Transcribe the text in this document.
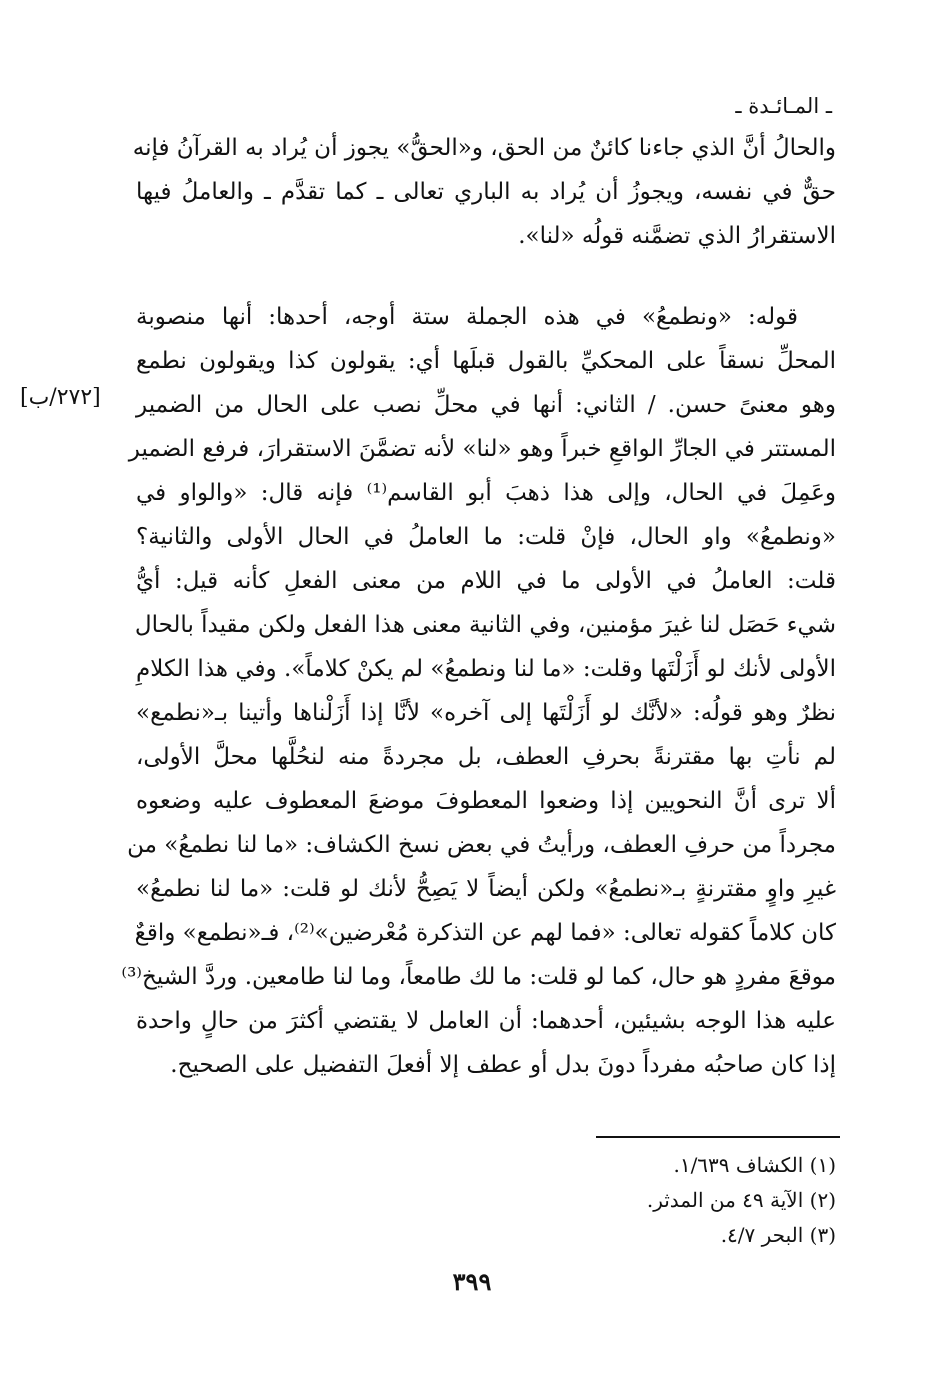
ـ المـائـدة ـ
[٢٧٢/ب]
والحالُ أنَّ الذي جاءنا كائنٌ من الحق، و«الحقُّ» يجوز أن يُراد به القرآنُ فإنه
حقٌّ في نفسه، ويجوزُ أن يُراد به الباري تعالى ـ كما تقدَّم ـ والعاملُ فيها
الاستقرارُ الذي تضمَّنه قولُه «لنا».
قوله: «ونطمعُ» في هذه الجملة ستة أوجه، أحدها: أنها منصوبة
المحلِّ نسقاً على المحكيِّ بالقول قبلَها أي: يقولون كذا ويقولون نطمع
وهو معنىً حسن. / الثاني: أنها في محلِّ نصب على الحال من الضمير
المستتر في الجارِّ الواقعِ خبراً وهو «لنا» لأنه تضمَّنَ الاستقرارَ، فرفع الضمير
وعَمِلَ في الحال، وإلى هذا ذهبَ أبو القاسم⁽¹⁾ فإنه قال: «والواو في
«ونطمعُ» واو الحال، فإنْ قلت: ما العاملُ في الحال الأولى والثانية؟
قلت: العاملُ في الأولى ما في اللام من معنى الفعلِ كأنه قيل: أيُّ
شيء حَصَل لنا غيرَ مؤمنين، وفي الثانية معنى هذا الفعل ولكن مقيداً بالحال
الأولى لأنك لو أَزَلْتَها وقلت: «ما لنا ونطمعُ» لم يكنْ كلاماً». وفي هذا الكلامِ
نظرٌ وهو قولُه: «لأنَّك لو أَزَلْتَها إلى آخره» لأنَّا إذا أَزَلْناها وأتينا بـ«نطمع»
لم نأتِ بها مقترنةً بحرفِ العطف، بل مجردةً منه لنحُلَّها محلَّ الأولى،
ألا ترى أنَّ النحويين إذا وضعوا المعطوفَ موضعَ المعطوف عليه وضعوه
مجرداً من حرفِ العطف، ورأيتُ في بعض نسخ الكشاف: «ما لنا نطمعُ» من
غيرِ واوٍ مقترنةٍ بـ«نطمعُ» ولكن أيضاً لا يَصِحُّ لأنك لو قلت: «ما لنا نطمعُ»
كان كلاماً كقوله تعالى: «فما لهم عن التذكرة مُعْرضين»⁽²⁾، فـ«نطمع» واقعٌ
موقعَ مفردٍ هو حال، كما لو قلت: ما لك طامعاً، وما لنا طامعين. وردَّ الشيخ⁽³⁾
عليه هذا الوجه بشيئين، أحدهما: أن العامل لا يقتضي أكثرَ من حالٍ واحدة
إذا كان صاحبُه مفرداً دونَ بدل أو عطف إلا أفعلَ التفضيل على الصحيح.
(١) الكشاف ١/٦٣٩.
(٢) الآية ٤٩ من المدثر.
(٣) البحر ٤/٧.
٣٩٩
